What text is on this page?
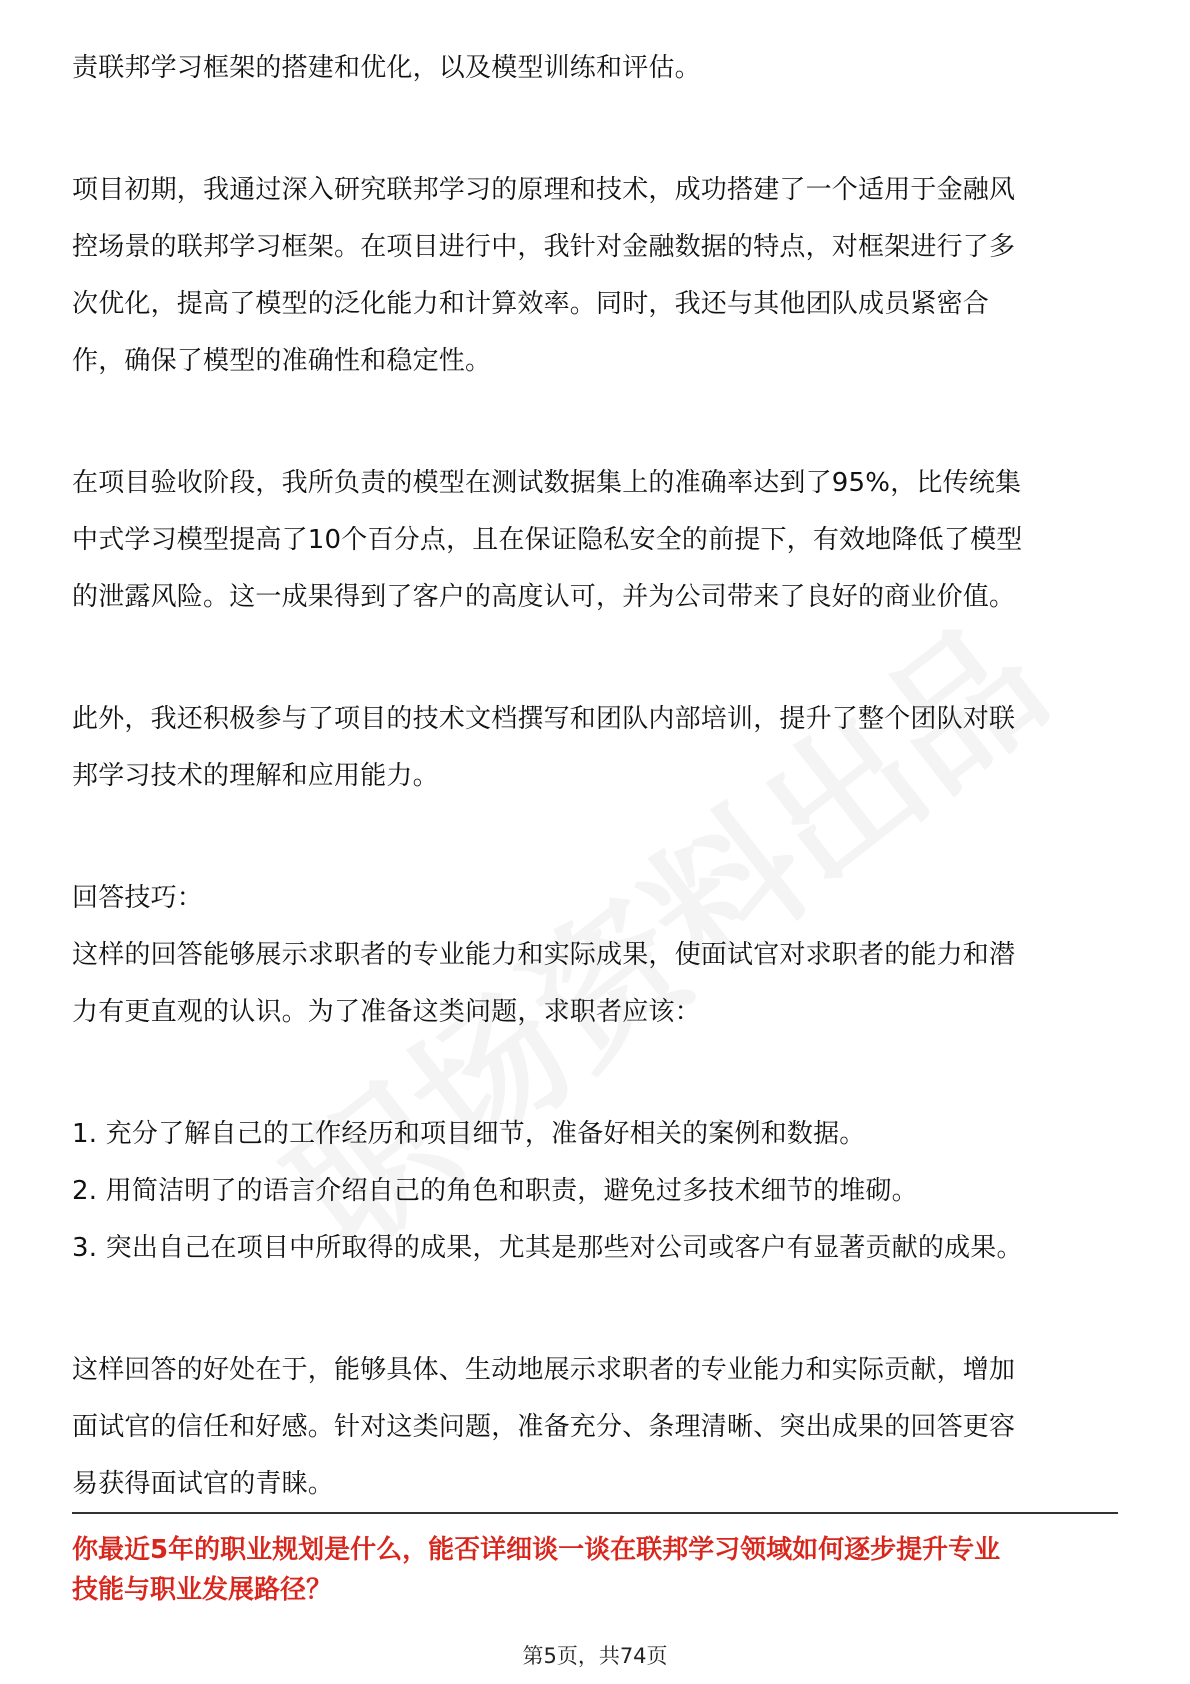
责联邦学习框架的搭建和优化，以及模型训练和评估。

项目初期，我通过深入研究联邦学习的原理和技术，成功搭建了一个适用于金融风
控场景的联邦学习框架。在项目进行中，我针对金融数据的特点，对框架进行了多
次优化，提高了模型的泛化能力和计算效率。同时，我还与其他团队成员紧密合
作，确保了模型的准确性和稳定性。

在项目验收阶段，我所负责的模型在测试数据集上的准确率达到了95%，比传统集
中式学习模型提高了10个百分点，且在保证隐私安全的前提下，有效地降低了模型
的泄露风险。这一成果得到了客户的高度认可，并为公司带来了良好的商业价值。

此外，我还积极参与了项目的技术文档撰写和团队内部培训，提升了整个团队对联
邦学习技术的理解和应用能力。

回答技巧：
这样的回答能够展示求职者的专业能力和实际成果，使面试官对求职者的能力和潜
力有更直观的认识。为了准备这类问题，求职者应该：

1. 充分了解自己的工作经历和项目细节，准备好相关的案例和数据。
2. 用简洁明了的语言介绍自己的角色和职责，避免过多技术细节的堆砌。
3. 突出自己在项目中所取得的成果，尤其是那些对公司或客户有显著贡献的成果。

这样回答的好处在于，能够具体、生动地展示求职者的专业能力和实际贡献，增加
面试官的信任和好感。针对这类问题，准备充分、条理清晰、突出成果的回答更容
易获得面试官的青睐。

你最近5年的职业规划是什么，能否详细谈一谈在联邦学习领域如何逐步提升专业
技能与职业发展路径？
第5页，共74页
